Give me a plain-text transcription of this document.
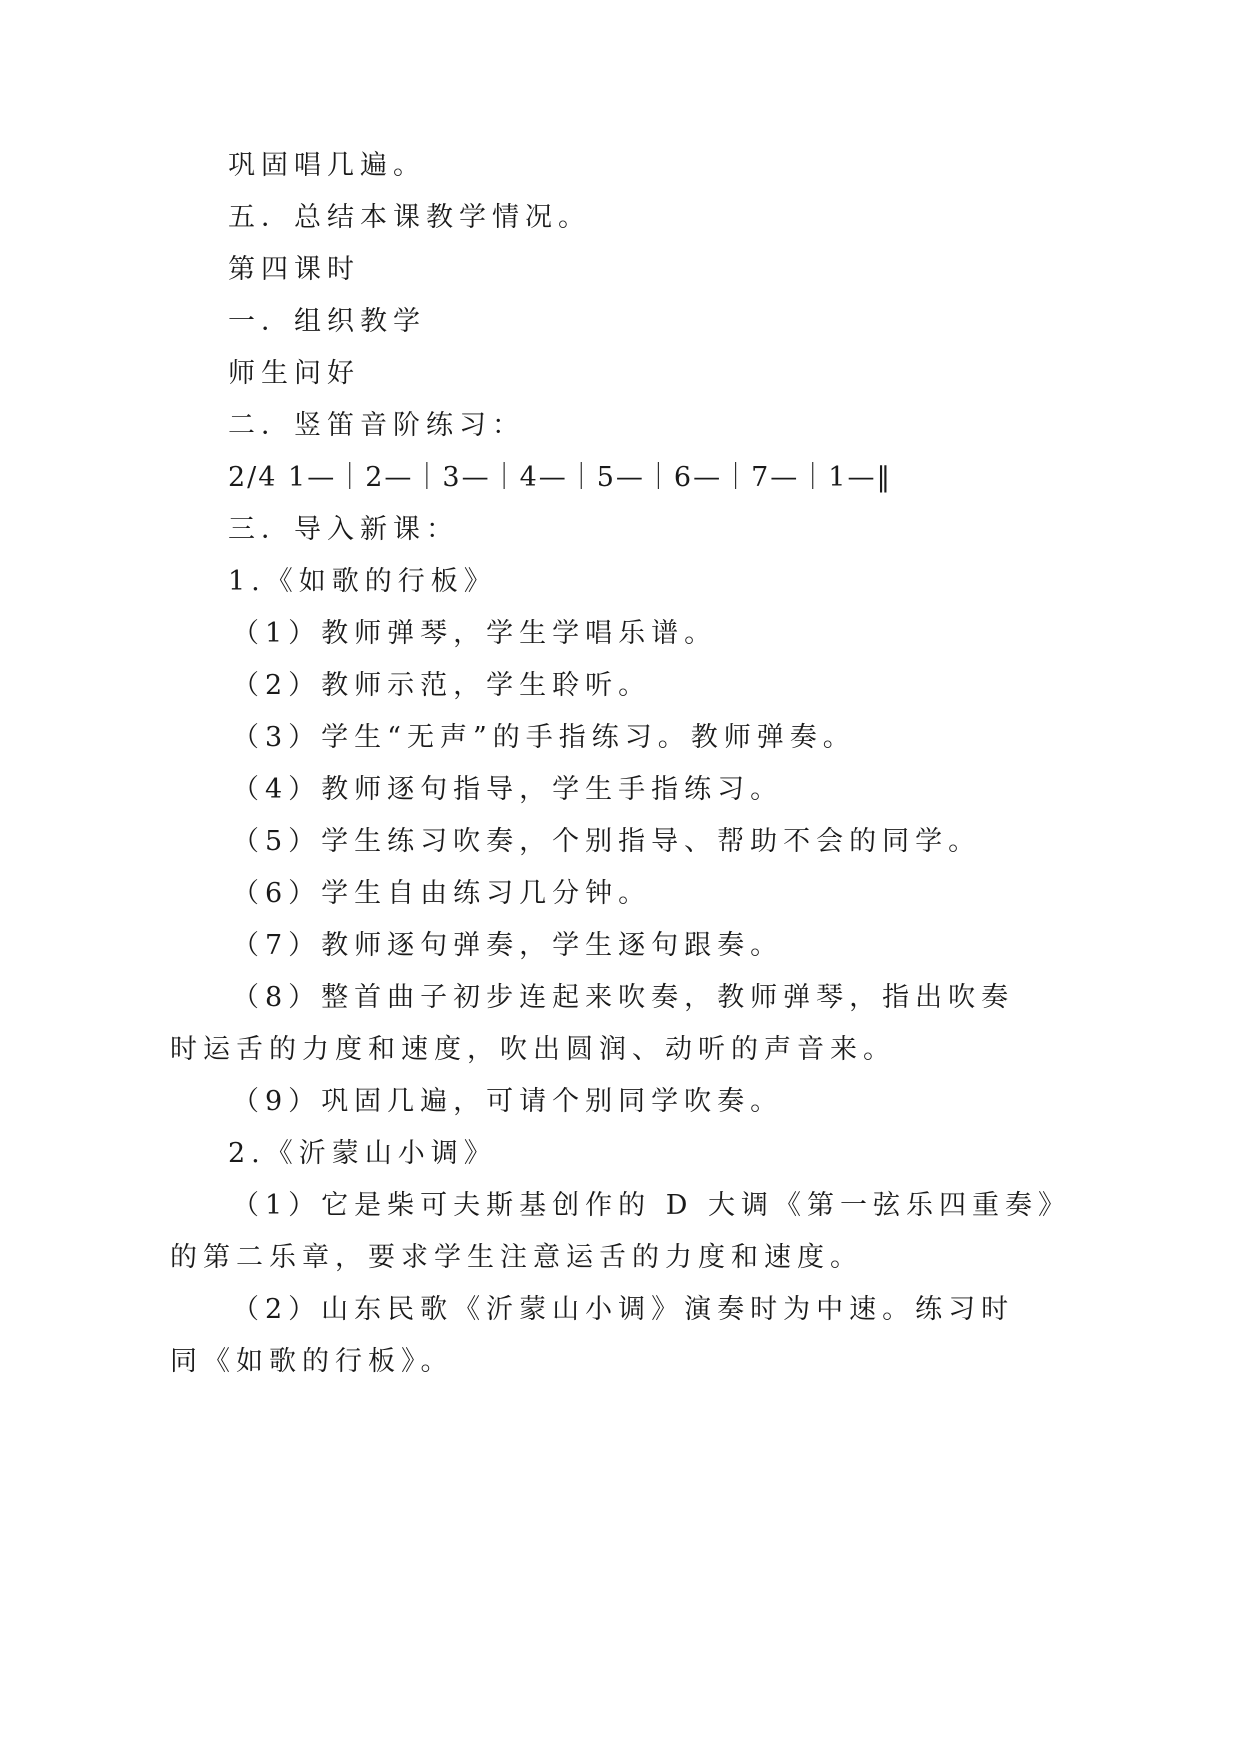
巩固唱几遍。

五．总结本课教学情况。

第四课时

一．组织教学

师生问好

二．竖笛音阶练习：

2/4 1—｜2—｜3—｜4—｜5—｜6—｜7—｜1—‖

三．导入新课：

1.《如歌的行板》

（1）教师弹琴，学生学唱乐谱。

（2）教师示范，学生聆听。

（3）学生“无声”的手指练习。教师弹奏。

（4）教师逐句指导，学生手指练习。

（5）学生练习吹奏，个别指导、帮助不会的同学。

（6）学生自由练习几分钟。

（7）教师逐句弹奏，学生逐句跟奏。

（8）整首曲子初步连起来吹奏，教师弹琴，指出吹奏

时运舌的力度和速度，吹出圆润、动听的声音来。

（9）巩固几遍，可请个别同学吹奏。

2.《沂蒙山小调》

（1）它是柴可夫斯基创作的 D 大调《第一弦乐四重奏》

的第二乐章，要求学生注意运舌的力度和速度。

（2）山东民歌《沂蒙山小调》演奏时为中速。练习时

同《如歌的行板》。
